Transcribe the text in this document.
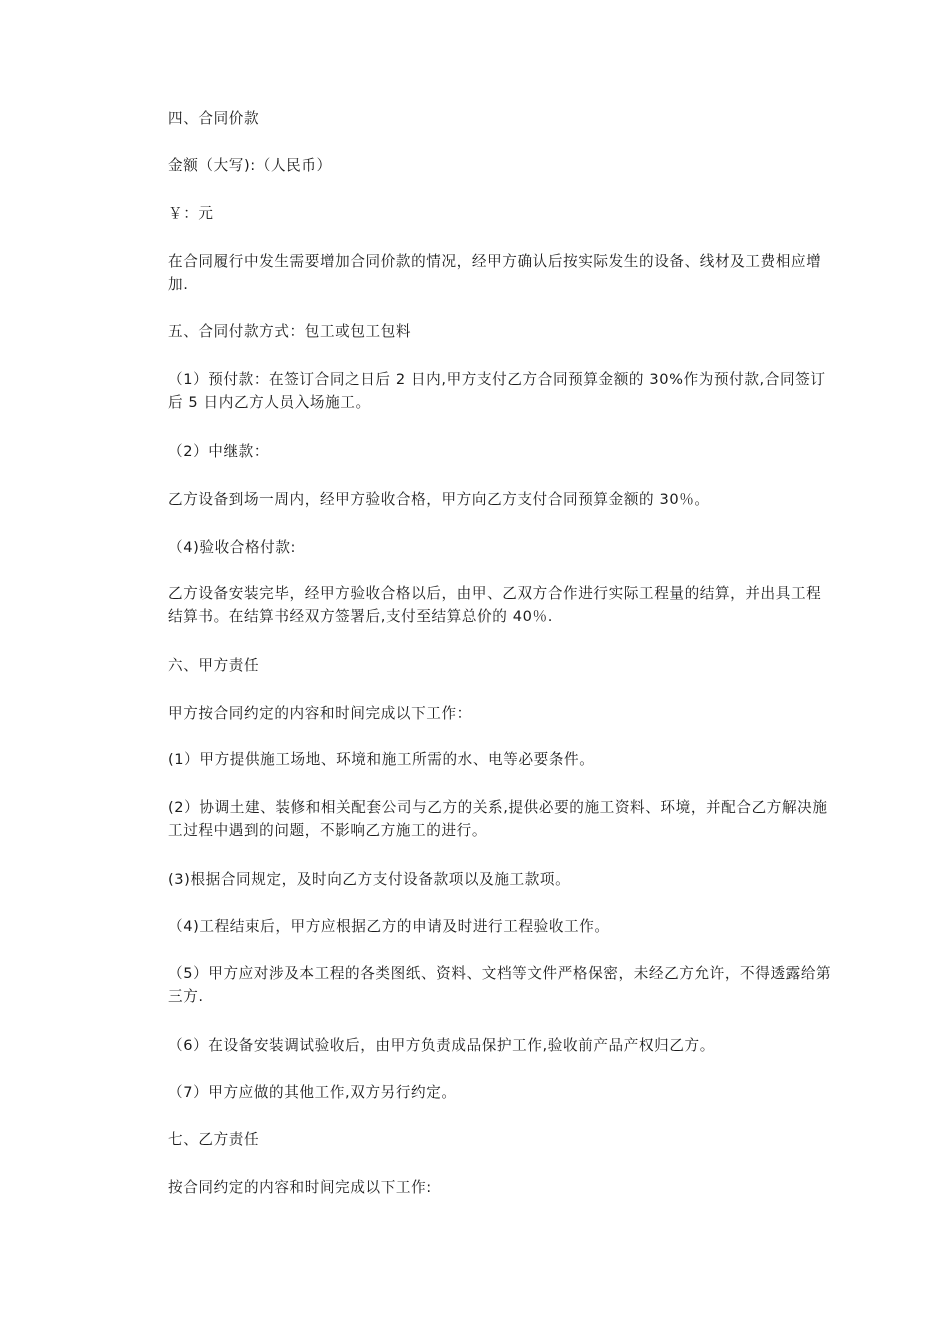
四、合同价款

金额（大写):（人民币）

￥：元

在合同履行中发生需要增加合同价款的情况，经甲方确认后按实际发生的设备、线材及工费相应增加.

五、合同付款方式：包工或包工包料

（1）预付款：在签订合同之日后 2 日内,甲方支付乙方合同预算金额的 30%作为预付款,合同签订后 5 日内乙方人员入场施工。

（2）中继款：

乙方设备到场一周内，经甲方验收合格，甲方向乙方支付合同预算金额的 30％。

（4)验收合格付款:

乙方设备安装完毕，经甲方验收合格以后，由甲、乙双方合作进行实际工程量的结算，并出具工程结算书。在结算书经双方签署后,支付至结算总价的 40％.

六、甲方责任

甲方按合同约定的内容和时间完成以下工作：

(1）甲方提供施工场地、环境和施工所需的水、电等必要条件。

(2）协调土建、装修和相关配套公司与乙方的关系,提供必要的施工资料、环境，并配合乙方解决施工过程中遇到的问题，不影响乙方施工的进行。

(3)根据合同规定，及时向乙方支付设备款项以及施工款项。

（4)工程结束后，甲方应根据乙方的申请及时进行工程验收工作。

（5）甲方应对涉及本工程的各类图纸、资料、文档等文件严格保密，未经乙方允许，不得透露给第三方.

（6）在设备安装调试验收后，由甲方负责成品保护工作,验收前产品产权归乙方。

（7）甲方应做的其他工作,双方另行约定。

七、乙方责任

按合同约定的内容和时间完成以下工作:
